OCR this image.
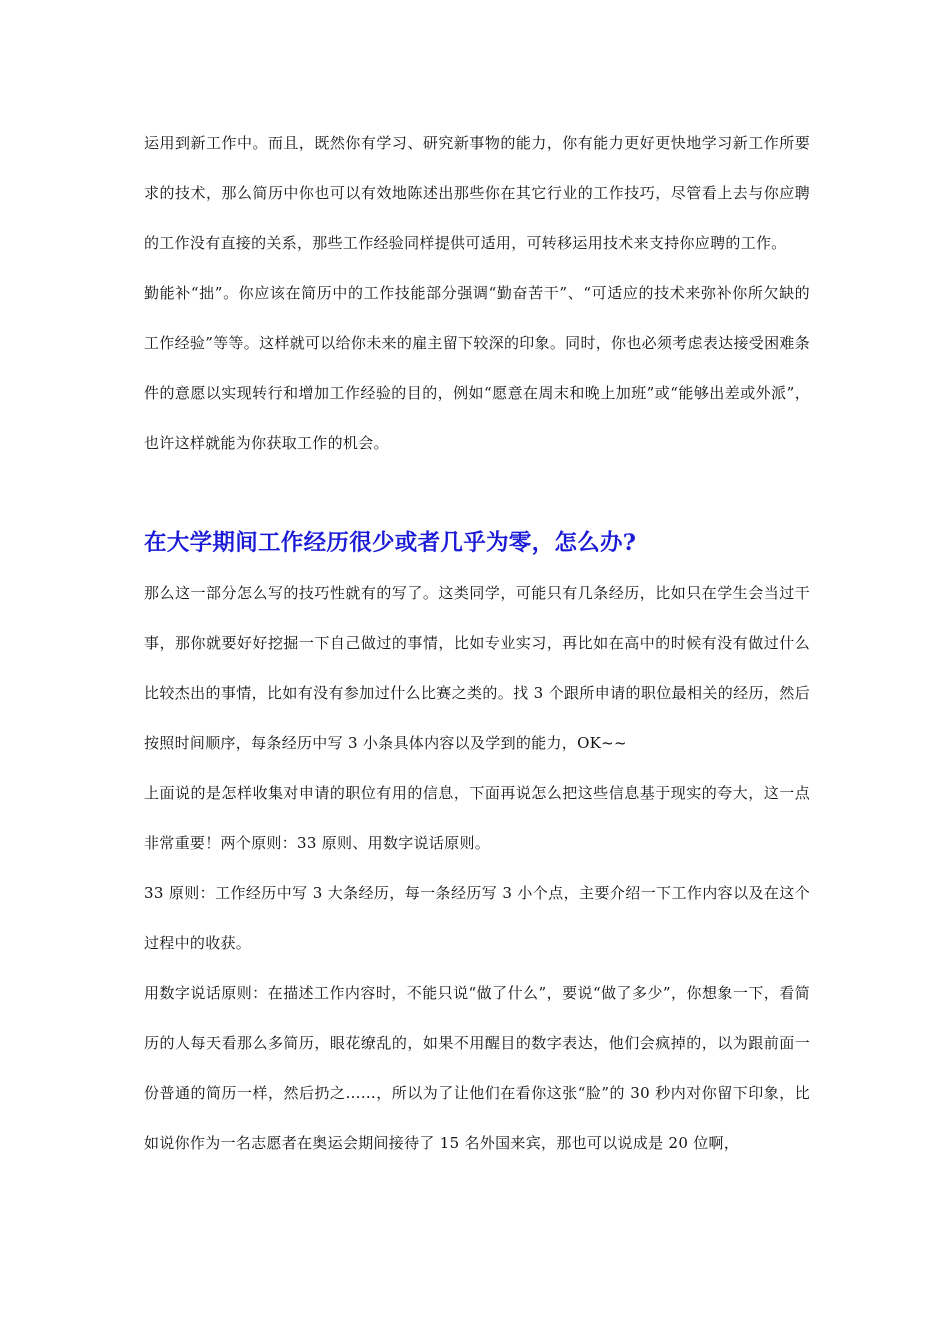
运用到新工作中。而且，既然你有学习、研究新事物的能力，你有能力更好更快地学习新工作所要求的技术，那么简历中你也可以有效地陈述出那些你在其它行业的工作技巧，尽管看上去与你应聘的工作没有直接的关系，那些工作经验同样提供可适用，可转移运用技术来支持你应聘的工作。

勤能补“拙”。你应该在简历中的工作技能部分强调“勤奋苦干”、“可适应的技术来弥补你所欠缺的工作经验”等等。这样就可以给你未来的雇主留下较深的印象。同时，你也必须考虑表达接受困难条件的意愿以实现转行和增加工作经验的目的，例如“愿意在周末和晚上加班”或“能够出差或外派”，也许这样就能为你获取工作的机会。

在大学期间工作经历很少或者几乎为零，怎么办?

那么这一部分怎么写的技巧性就有的写了。这类同学，可能只有几条经历，比如只在学生会当过干事，那你就要好好挖掘一下自己做过的事情，比如专业实习，再比如在高中的时候有没有做过什么比较杰出的事情，比如有没有参加过什么比赛之类的。找 3 个跟所申请的职位最相关的经历，然后按照时间顺序，每条经历中写 3 小条具体内容以及学到的能力，OK~~

上面说的是怎样收集对申请的职位有用的信息，下面再说怎么把这些信息基于现实的夸大，这一点非常重要！两个原则：33 原则、用数字说话原则。

33 原则：工作经历中写 3 大条经历，每一条经历写 3 小个点，主要介绍一下工作内容以及在这个过程中的收获。

用数字说话原则：在描述工作内容时，不能只说“做了什么”，要说“做了多少”，你想象一下，看简历的人每天看那么多简历，眼花缭乱的，如果不用醒目的数字表达，他们会疯掉的，以为跟前面一份普通的简历一样，然后扔之……，所以为了让他们在看你这张“脸”的 30 秒内对你留下印象，比如说你作为一名志愿者在奥运会期间接待了 15 名外国来宾，那也可以说成是 20 位啊，
